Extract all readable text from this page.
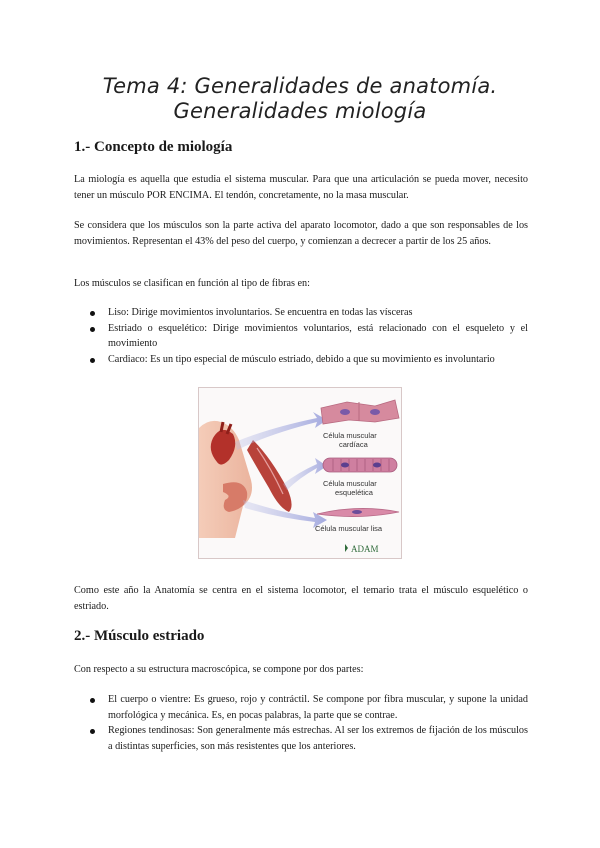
Tema 4: Generalidades de anatomía.
Generalidades miología
1.- Concepto de miología

La miología es aquella que estudia el sistema muscular. Para que una articulación se pueda mover, necesito tener un músculo POR ENCIMA. El tendón, concretamente, no la masa muscular.

Se considera que los músculos son la parte activa del aparato locomotor, dado a que son responsables de los movimientos. Representan el 43% del peso del cuerpo, y comienzan a decrecer a partir de los 25 años.

Los músculos se clasifican en función al tipo de fibras en:

Liso: Dirige movimientos involuntarios. Se encuentra en todas las vísceras
Estriado o esquelético: Dirige movimientos voluntarios, está relacionado con el esqueleto y el movimiento
Cardiaco: Es un tipo especial de músculo estriado, debido a que su movimiento es involuntario
Célula muscular
cardíaca
Célula muscular
esquelética
Célula muscular lisa
ADAM

Como este año la Anatomía se centra en el sistema locomotor, el temario trata el músculo esquelético o estriado.

2.- Músculo estriado

Con respecto a su estructura macroscópica, se compone por dos partes:

El cuerpo o vientre: Es grueso, rojo y contráctil. Se compone por fibra muscular, y supone la unidad morfológica y mecánica. Es, en pocas palabras, la parte que se contrae.
Regiones tendinosas: Son generalmente más estrechas. Al ser los extremos de fijación de los músculos a distintas superficies, son más resistentes que los anteriores.
